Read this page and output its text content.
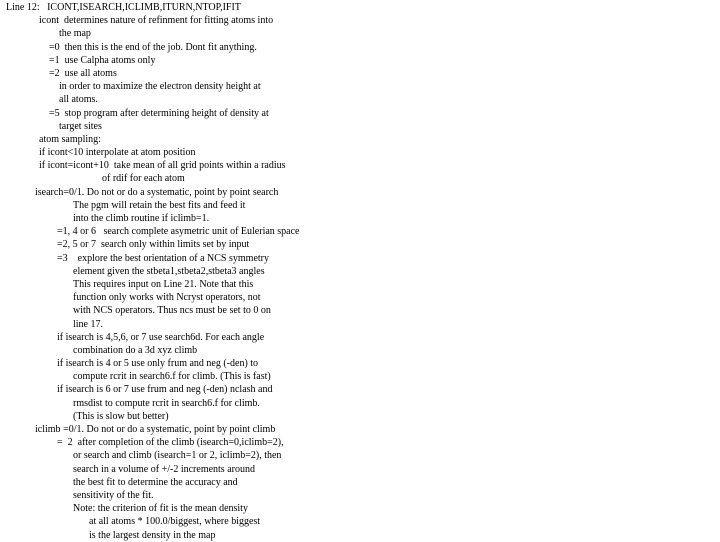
Line 12:   ICONT,ISEARCH,ICLIMB,ITURN,NTOP,IFIT
icont  determines nature of refinment for fitting atoms into
the map
=0  then this is the end of the job. Dont fit anything.
=1  use Calpha atoms only
=2  use all atoms
in order to maximize the electron density height at
all atoms.
=5  stop program after determining height of density at
target sites
atom sampling:
if icont<10 interpolate at atom position
if icont=icont+10  take mean of all grid points within a radius
of rdif for each atom
isearch=0/1. Do not or do a systematic, point by point search
The pgm will retain the best fits and feed it
into the climb routine if iclimb=1.
=1, 4 or 6   search complete asymetric unit of Eulerian space
=2, 5 or 7  search only within limits set by input
=3    explore the best orientation of a NCS symmetry
element given the stbeta1,stbeta2,stbeta3 angles
This requires input on Line 21. Note that this
function only works with Ncryst operators, not
with NCS operators. Thus ncs must be set to 0 on
line 17.
if isearch is 4,5,6, or 7 use search6d. For each angle
combination do a 3d xyz climb
if isearch is 4 or 5 use only frum and neg (-den) to
compute rcrit in search6.f for climb. (This is fast)
if isearch is 6 or 7 use frum and neg (-den) nclash and
rmsdist to compute rcrit in search6.f for climb.
(This is slow but better)
iclimb =0/1. Do not or do a systematic, point by point climb
=  2  after completion of the climb (isearch=0,iclimb=2),
or search and climb (isearch=1 or 2, iclimb=2), then
search in a volume of +/-2 increments around
the best fit to determine the accuracy and
sensitivity of the fit.
Note: the criterion of fit is the mean density
at all atoms * 100.0/biggest, where biggest
is the largest density in the map
